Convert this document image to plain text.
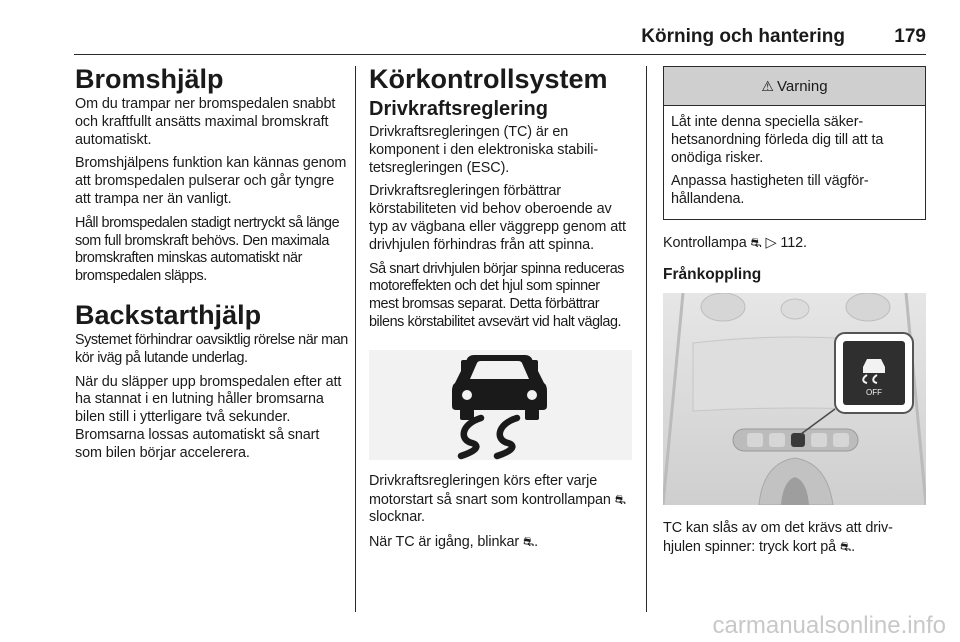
Körning och hantering	179
Bromshjälp

Om du trampar ner bromspedalen snabbt och kraftfullt ansätts maximal bromskraft automatiskt.

Bromshjälpens funktion kan kännas genom att bromspedalen pulserar och går tyngre att trampa ner än vanligt.

Håll bromspedalen stadigt nertryckt så länge som full bromskraft behövs. Den maximala bromskraften minskas automatiskt när bromspedalen släpps.

Backstarthjälp

Systemet förhindrar oavsiktlig rörelse när man kör iväg på lutande underlag.

När du släpper upp bromspedalen efter att ha stannat i en lutning håller bromsarna bilen still i ytterligare två sekunder. Bromsarna lossas automatiskt så snart som bilen börjar accelerera.

Körkontrollsystem
Drivkraftsreglering

Drivkraftsregleringen (TC) är en komponent i den elektroniska stabili-tetsregleringen (ESC).

Drivkraftsregleringen förbättrar körstabiliteten vid behov oberoende av typ av vägbana eller väggrepp genom att drivhjulen förhindras från att spinna.

Så snart drivhjulen börjar spinna reduceras motoreffekten och det hjul som spinner mest bromsas separat. Detta förbättrar bilens körstabilitet avsevärt vid halt väglag.

Drivkraftsregleringen körs efter varje motorstart så snart som kontrollampan ⛐ slocknar.

När TC är igång, blinkar ⛐.

⚠ Varning

Låt inte denna speciella säker-hetsanordning förleda dig till att ta onödiga risker.

Anpassa hastigheten till vägför-hållandena.

Kontrollampa ⛐ ▷ 112.

Frånkoppling
OFF

TC kan slås av om det krävs att driv-hjulen spinner: tryck kort på ⛐.

carmanualsonline.info
